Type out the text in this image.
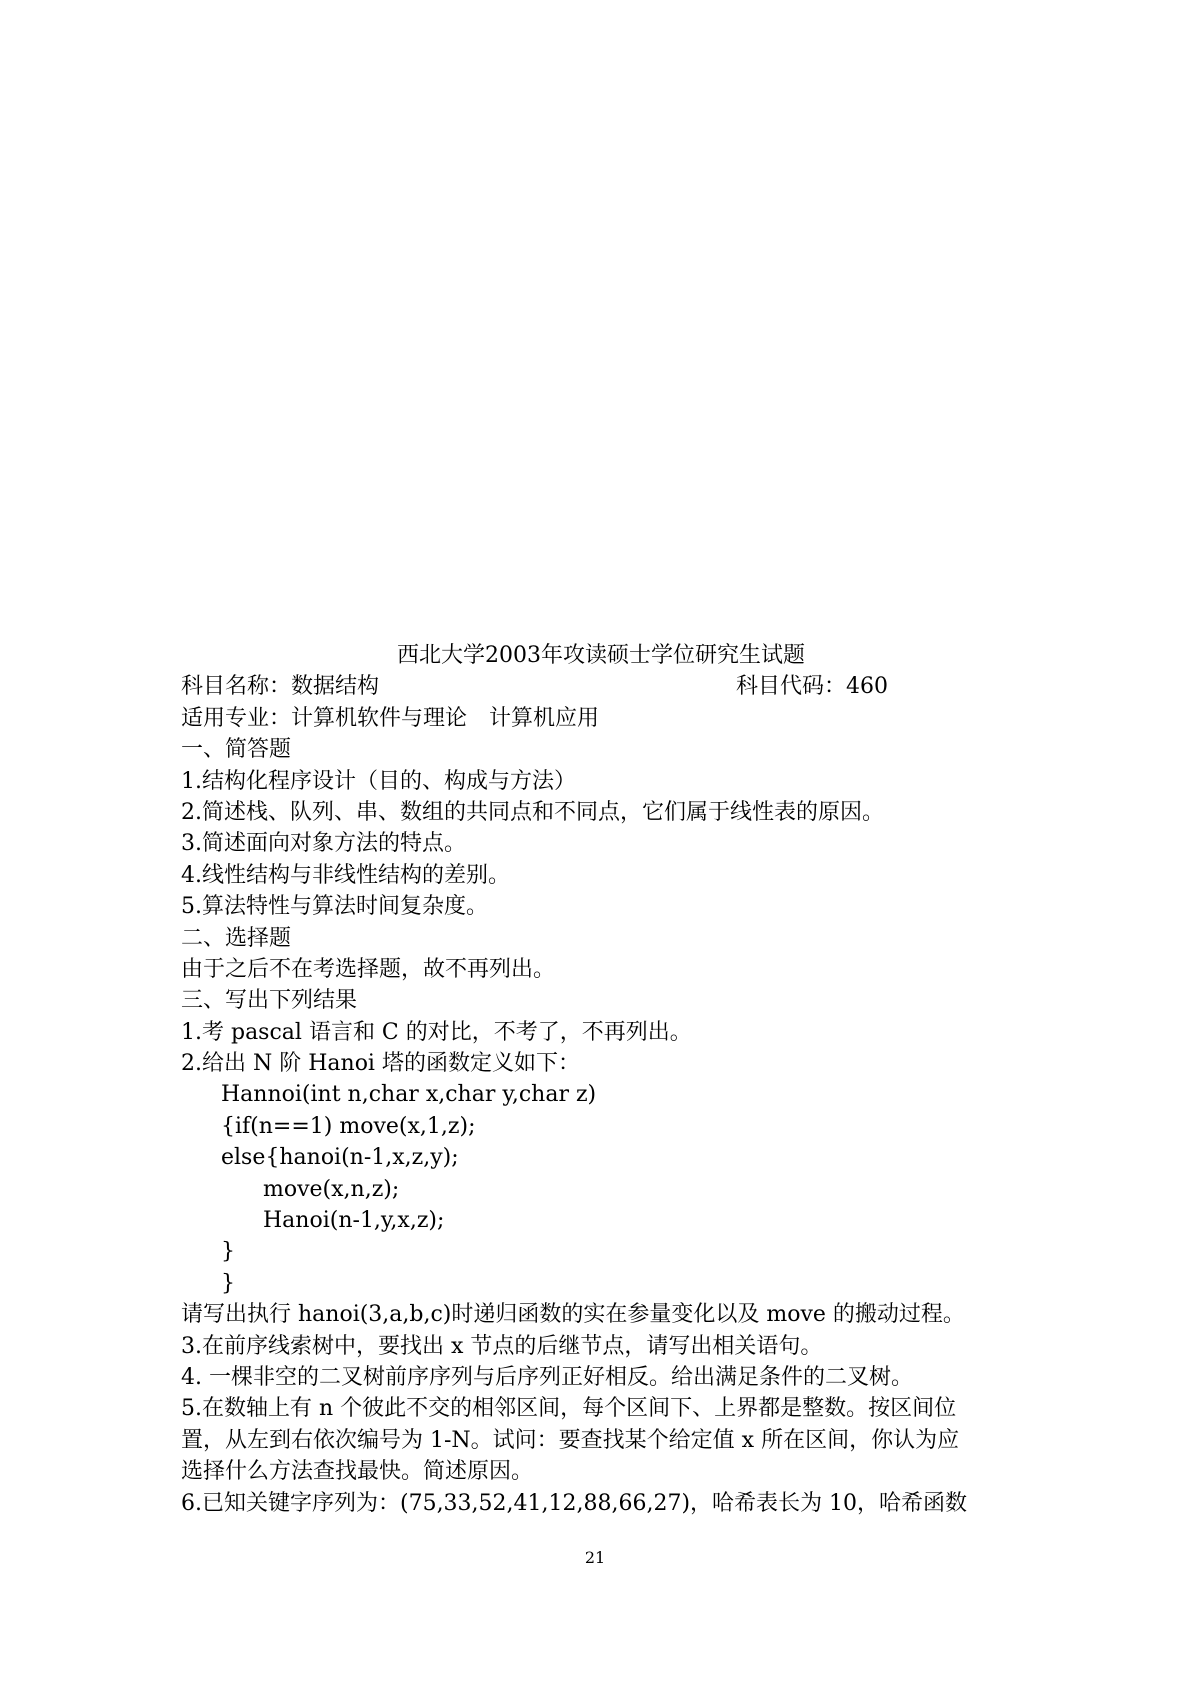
西北大学2003年攻读硕士学位研究生试题
科目名称：数据结构	科目代码：460
适用专业：计算机软件与理论　计算机应用
一、简答题
1.结构化程序设计（目的、构成与方法）
2.简述栈、队列、串、数组的共同点和不同点，它们属于线性表的原因。
3.简述面向对象方法的特点。
4.线性结构与非线性结构的差别。
5.算法特性与算法时间复杂度。
二、选择题
由于之后不在考选择题，故不再列出。
三、写出下列结果
1.考 pascal 语言和 C 的对比，不考了，不再列出。
2.给出 N 阶 Hanoi 塔的函数定义如下：
Hannoi(int n,char x,char y,char z)
{if(n==1) move(x,1,z);
else{hanoi(n-1,x,z,y);
move(x,n,z);
Hanoi(n-1,y,x,z);
}
}
请写出执行 hanoi(3,a,b,c)时递归函数的实在参量变化以及 move 的搬动过程。
3.在前序线索树中，要找出 x 节点的后继节点，请写出相关语句。
4. 一棵非空的二叉树前序序列与后序列正好相反。给出满足条件的二叉树。
5.在数轴上有 n 个彼此不交的相邻区间，每个区间下、上界都是整数。按区间位
置，从左到右依次编号为 1-N。试问：要查找某个给定值 x 所在区间，你认为应
选择什么方法查找最快。简述原因。
6.已知关键字序列为：(75,33,52,41,12,88,66,27)，哈希表长为 10，哈希函数
21
